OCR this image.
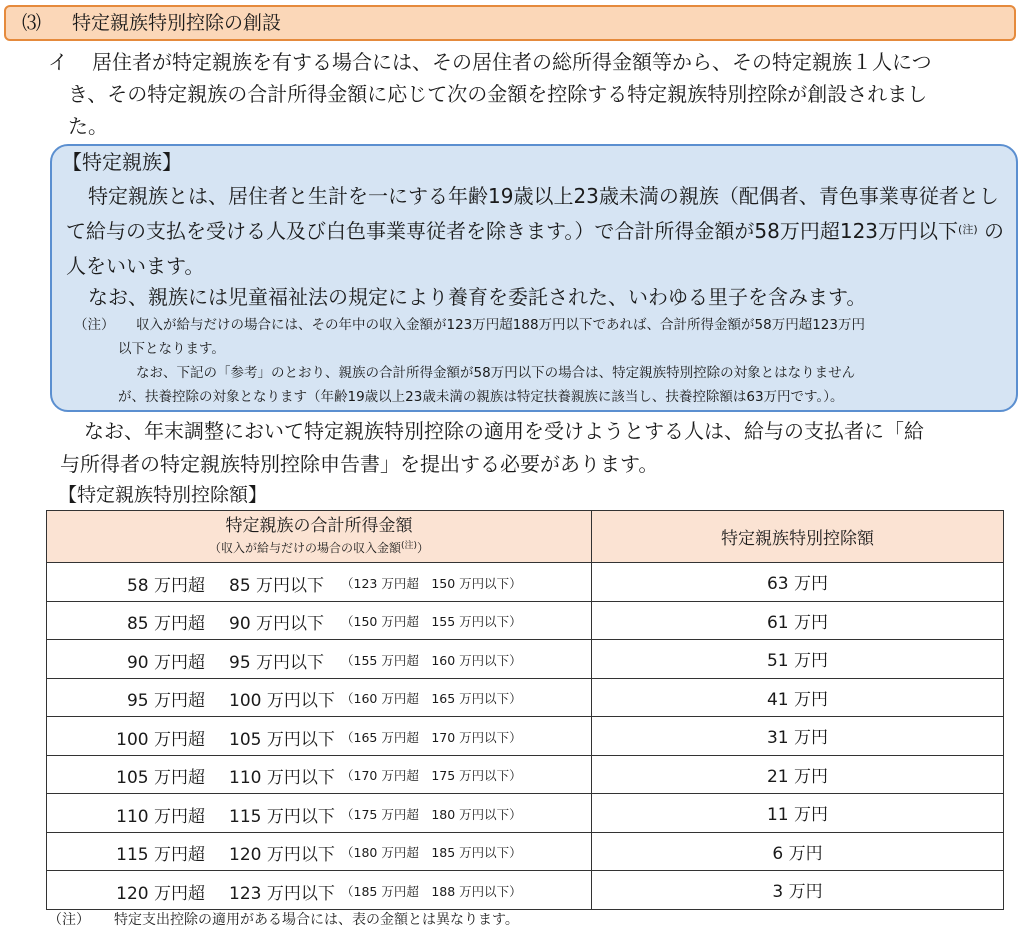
⑶ 特定親族特別控除の創設
イ 居住者が特定親族を有する場合には、その居住者の総所得金額等から、その特定親族１人につ
き、その特定親族の合計所得金額に応じて次の金額を控除する特定親族特別控除が創設されまし
た。
【特定親族】
特定親族とは、居住者と生計を一にする年齢19歳以上23歳未満の親族（配偶者、青色事業専従者として給与の支払を受ける人及び白色事業専従者を除きます。）で合計所得金額が58万円超123万円以下$^{(注)}$ の人をいいます。
なお、親族には児童福祉法の規定により養育を委託された、いわゆる里子を含みます。
（注） 収入が給与だけの場合には、その年中の収入金額が123万円超188万円以下であれば、合計所得金額が58万円超123万円
以下となります。
なお、下記の「参考」のとおり、親族の合計所得金額が58万円以下の場合は、特定親族特別控除の対象とはなりません
が、扶養控除の対象となります（年齢19歳以上23歳未満の親族は特定扶養親族に該当し、扶養控除額は63万円です。）。
なお、年末調整において特定親族特別控除の適用を受けようとする人は、給与の支払者に「給
与所得者の特定親族特別控除申告書」を提出する必要があります。
【特定親族特別控除額】
特定親族の合計所得金額
（収入が給与だけの場合の収入金額$^{(注)}$）	特定親族特別控除額

58 万円超 85 万円以下 （123 万円超　150 万円以下）	63 万円

85 万円超 90 万円以下 （150 万円超　155 万円以下）	61 万円

90 万円超 95 万円以下 （155 万円超　160 万円以下）	51 万円

95 万円超 100 万円以下 （160 万円超　165 万円以下）	41 万円

100 万円超 105 万円以下 （165 万円超　170 万円以下）	31 万円

105 万円超 110 万円以下 （170 万円超　175 万円以下）	21 万円

110 万円超 115 万円以下 （175 万円超　180 万円以下）	11 万円

115 万円超 120 万円以下 （180 万円超　185 万円以下）	6 万円

120 万円超 123 万円以下 （185 万円超　188 万円以下）	3 万円
（注） 特定支出控除の適用がある場合には、表の金額とは異なります。
